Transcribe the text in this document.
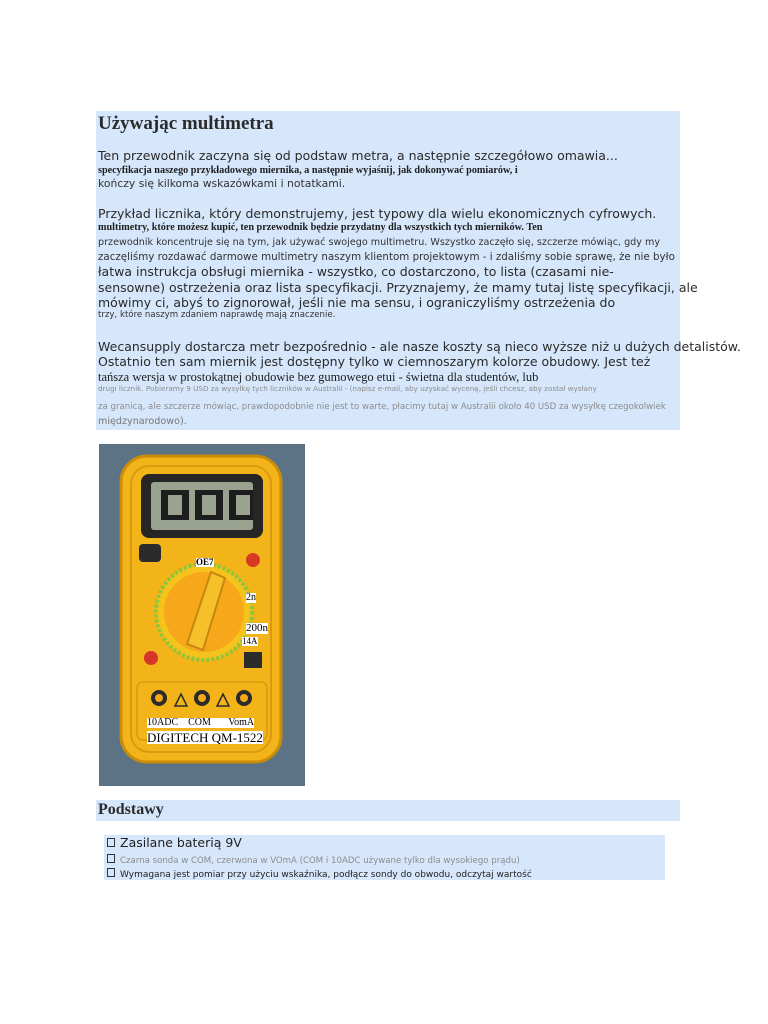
Używając multimetra
Ten przewodnik zaczyna się od podstaw metra, a następnie szczegółowo omawia...
specyfikacja naszego przykładowego miernika, a następnie wyjaśnij, jak dokonywać pomiarów, i
kończy się kilkoma wskazówkami i notatkami.
Przykład licznika, który demonstrujemy, jest typowy dla wielu ekonomicznych cyfrowych.
multimetry, które możesz kupić, ten przewodnik będzie przydatny dla wszystkich tych mierników. Ten
przewodnik koncentruje się na tym, jak używać swojego multimetru. Wszystko zaczęło się, szczerze mówiąc, gdy my
zaczęliśmy rozdawać darmowe multimetry naszym klientom projektowym - i zdaliśmy sobie sprawę, że nie było
łatwa instrukcja obsługi miernika - wszystko, co dostarczono, to lista (czasami nie-
sensowne) ostrzeżenia oraz lista specyfikacji. Przyznajemy, że mamy tutaj listę specyfikacji, ale
mówimy ci, abyś to zignorował, jeśli nie ma sensu, i ograniczyliśmy ostrzeżenia do
trzy, które naszym zdaniem naprawdę mają znaczenie.
Wecansupply dostarcza metr bezpośrednio - ale nasze koszty są nieco wyższe niż u dużych detalistów.
Ostatnio ten sam miernik jest dostępny tylko w ciemnoszarym kolorze obudowy. Jest też
tańsza wersja w prostokątnej obudowie bez gumowego etui - świetna dla studentów, lub
drugi licznik. Pobieramy 9 USD za wysyłkę tych liczników w Australii - (napisz e-mail, aby uzyskać wycenę, jeśli chcesz, aby został wysłany
za granicą, ale szczerze mówiąc, prawdopodobnie nie jest to warte, płacimy tutaj w Australii około 40 USD za wysyłkę czegokolwiek
międzynarodowo).
OE7
2n
200n
14A
10ADC    COM       VomA
DIGITECH QM-1522
Podstawy
Zasilane baterią 9V
Czarna sonda w COM, czerwona w VOmA (COM i 10ADC używane tylko dla wysokiego prądu)
Wymagana jest pomiar przy użyciu wskaźnika, podłącz sondy do obwodu, odczytaj wartość
